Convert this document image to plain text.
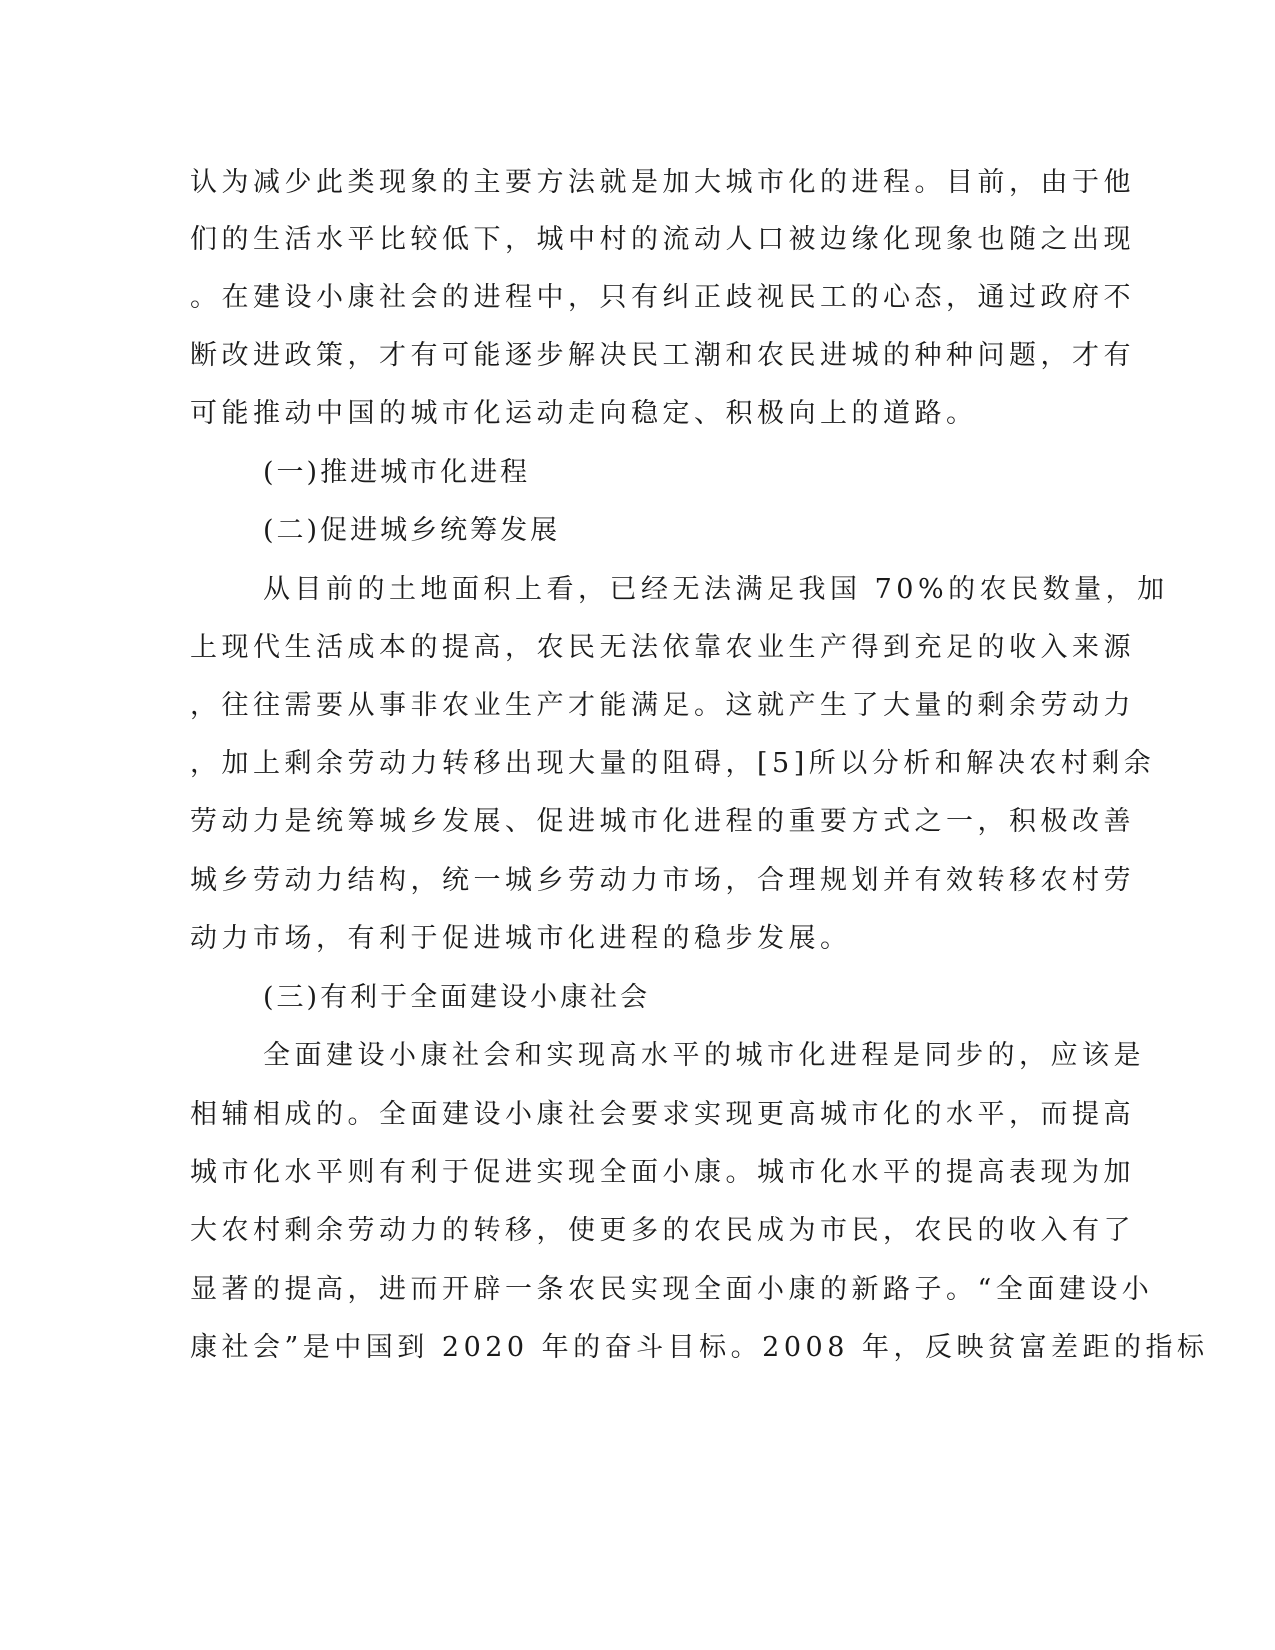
认为减少此类现象的主要方法就是加大城市化的进程。目前，由于他
们的生活水平比较低下，城中村的流动人口被边缘化现象也随之出现
。在建设小康社会的进程中，只有纠正歧视民工的心态，通过政府不
断改进政策，才有可能逐步解决民工潮和农民进城的种种问题，才有
可能推动中国的城市化运动走向稳定、积极向上的道路。
(一)推进城市化进程
(二)促进城乡统筹发展
从目前的土地面积上看，已经无法满足我国 70%的农民数量，加
上现代生活成本的提高，农民无法依靠农业生产得到充足的收入来源
，往往需要从事非农业生产才能满足。这就产生了大量的剩余劳动力
，加上剩余劳动力转移出现大量的阻碍，[5]所以分析和解决农村剩余
劳动力是统筹城乡发展、促进城市化进程的重要方式之一，积极改善
城乡劳动力结构，统一城乡劳动力市场，合理规划并有效转移农村劳
动力市场，有利于促进城市化进程的稳步发展。
(三)有利于全面建设小康社会
全面建设小康社会和实现高水平的城市化进程是同步的，应该是
相辅相成的。全面建设小康社会要求实现更高城市化的水平，而提高
城市化水平则有利于促进实现全面小康。城市化水平的提高表现为加
大农村剩余劳动力的转移，使更多的农民成为市民，农民的收入有了
显著的提高，进而开辟一条农民实现全面小康的新路子。“全面建设小
康社会”是中国到 2020 年的奋斗目标。2008 年，反映贫富差距的指标
